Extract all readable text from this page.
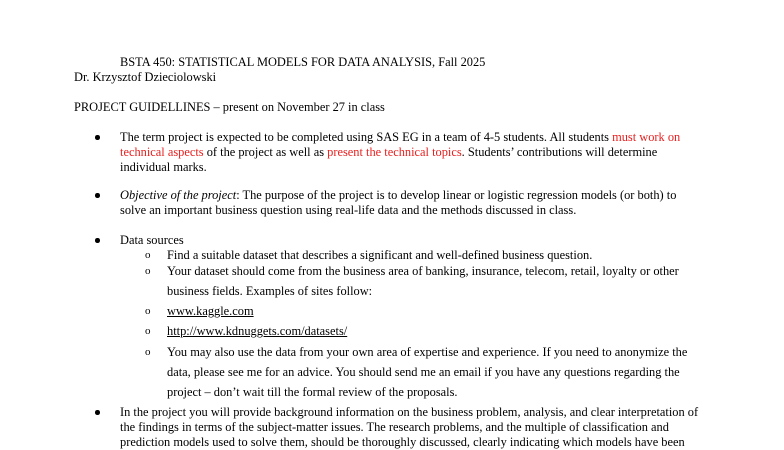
BSTA 450: STATISTICAL MODELS FOR DATA ANALYSIS, Fall 2025
Dr. Krzysztof Dzieciolowski
PROJECT GUIDELLINES – present on November 27 in class
The term project is expected to be completed using SAS EG in a team of 4-5 students. All students must work on
technical aspects of the project as well as present the technical topics. Students’ contributions will determine
individual marks.
Objective of the project: The purpose of the project is to develop linear or logistic regression models (or both) to
solve an important business question using real-life data and the methods discussed in class.
Data sources
o Find a suitable dataset that describes a significant and well-defined business question.
o Your dataset should come from the business area of banking, insurance, telecom, retail, loyalty or other
business fields. Examples of sites follow:
o www.kaggle.com
o http://www.kdnuggets.com/datasets/
o You may also use the data from your own area of expertise and experience. If you need to anonymize the
data, please see me for an advice. You should send me an email if you have any questions regarding the
project – don’t wait till the formal review of the proposals.
In the project you will provide background information on the business problem, analysis, and clear interpretation of
the findings in terms of the subject-matter issues. The research problems, and the multiple of classification and
prediction models used to solve them, should be thoroughly discussed, clearly indicating which models have been
